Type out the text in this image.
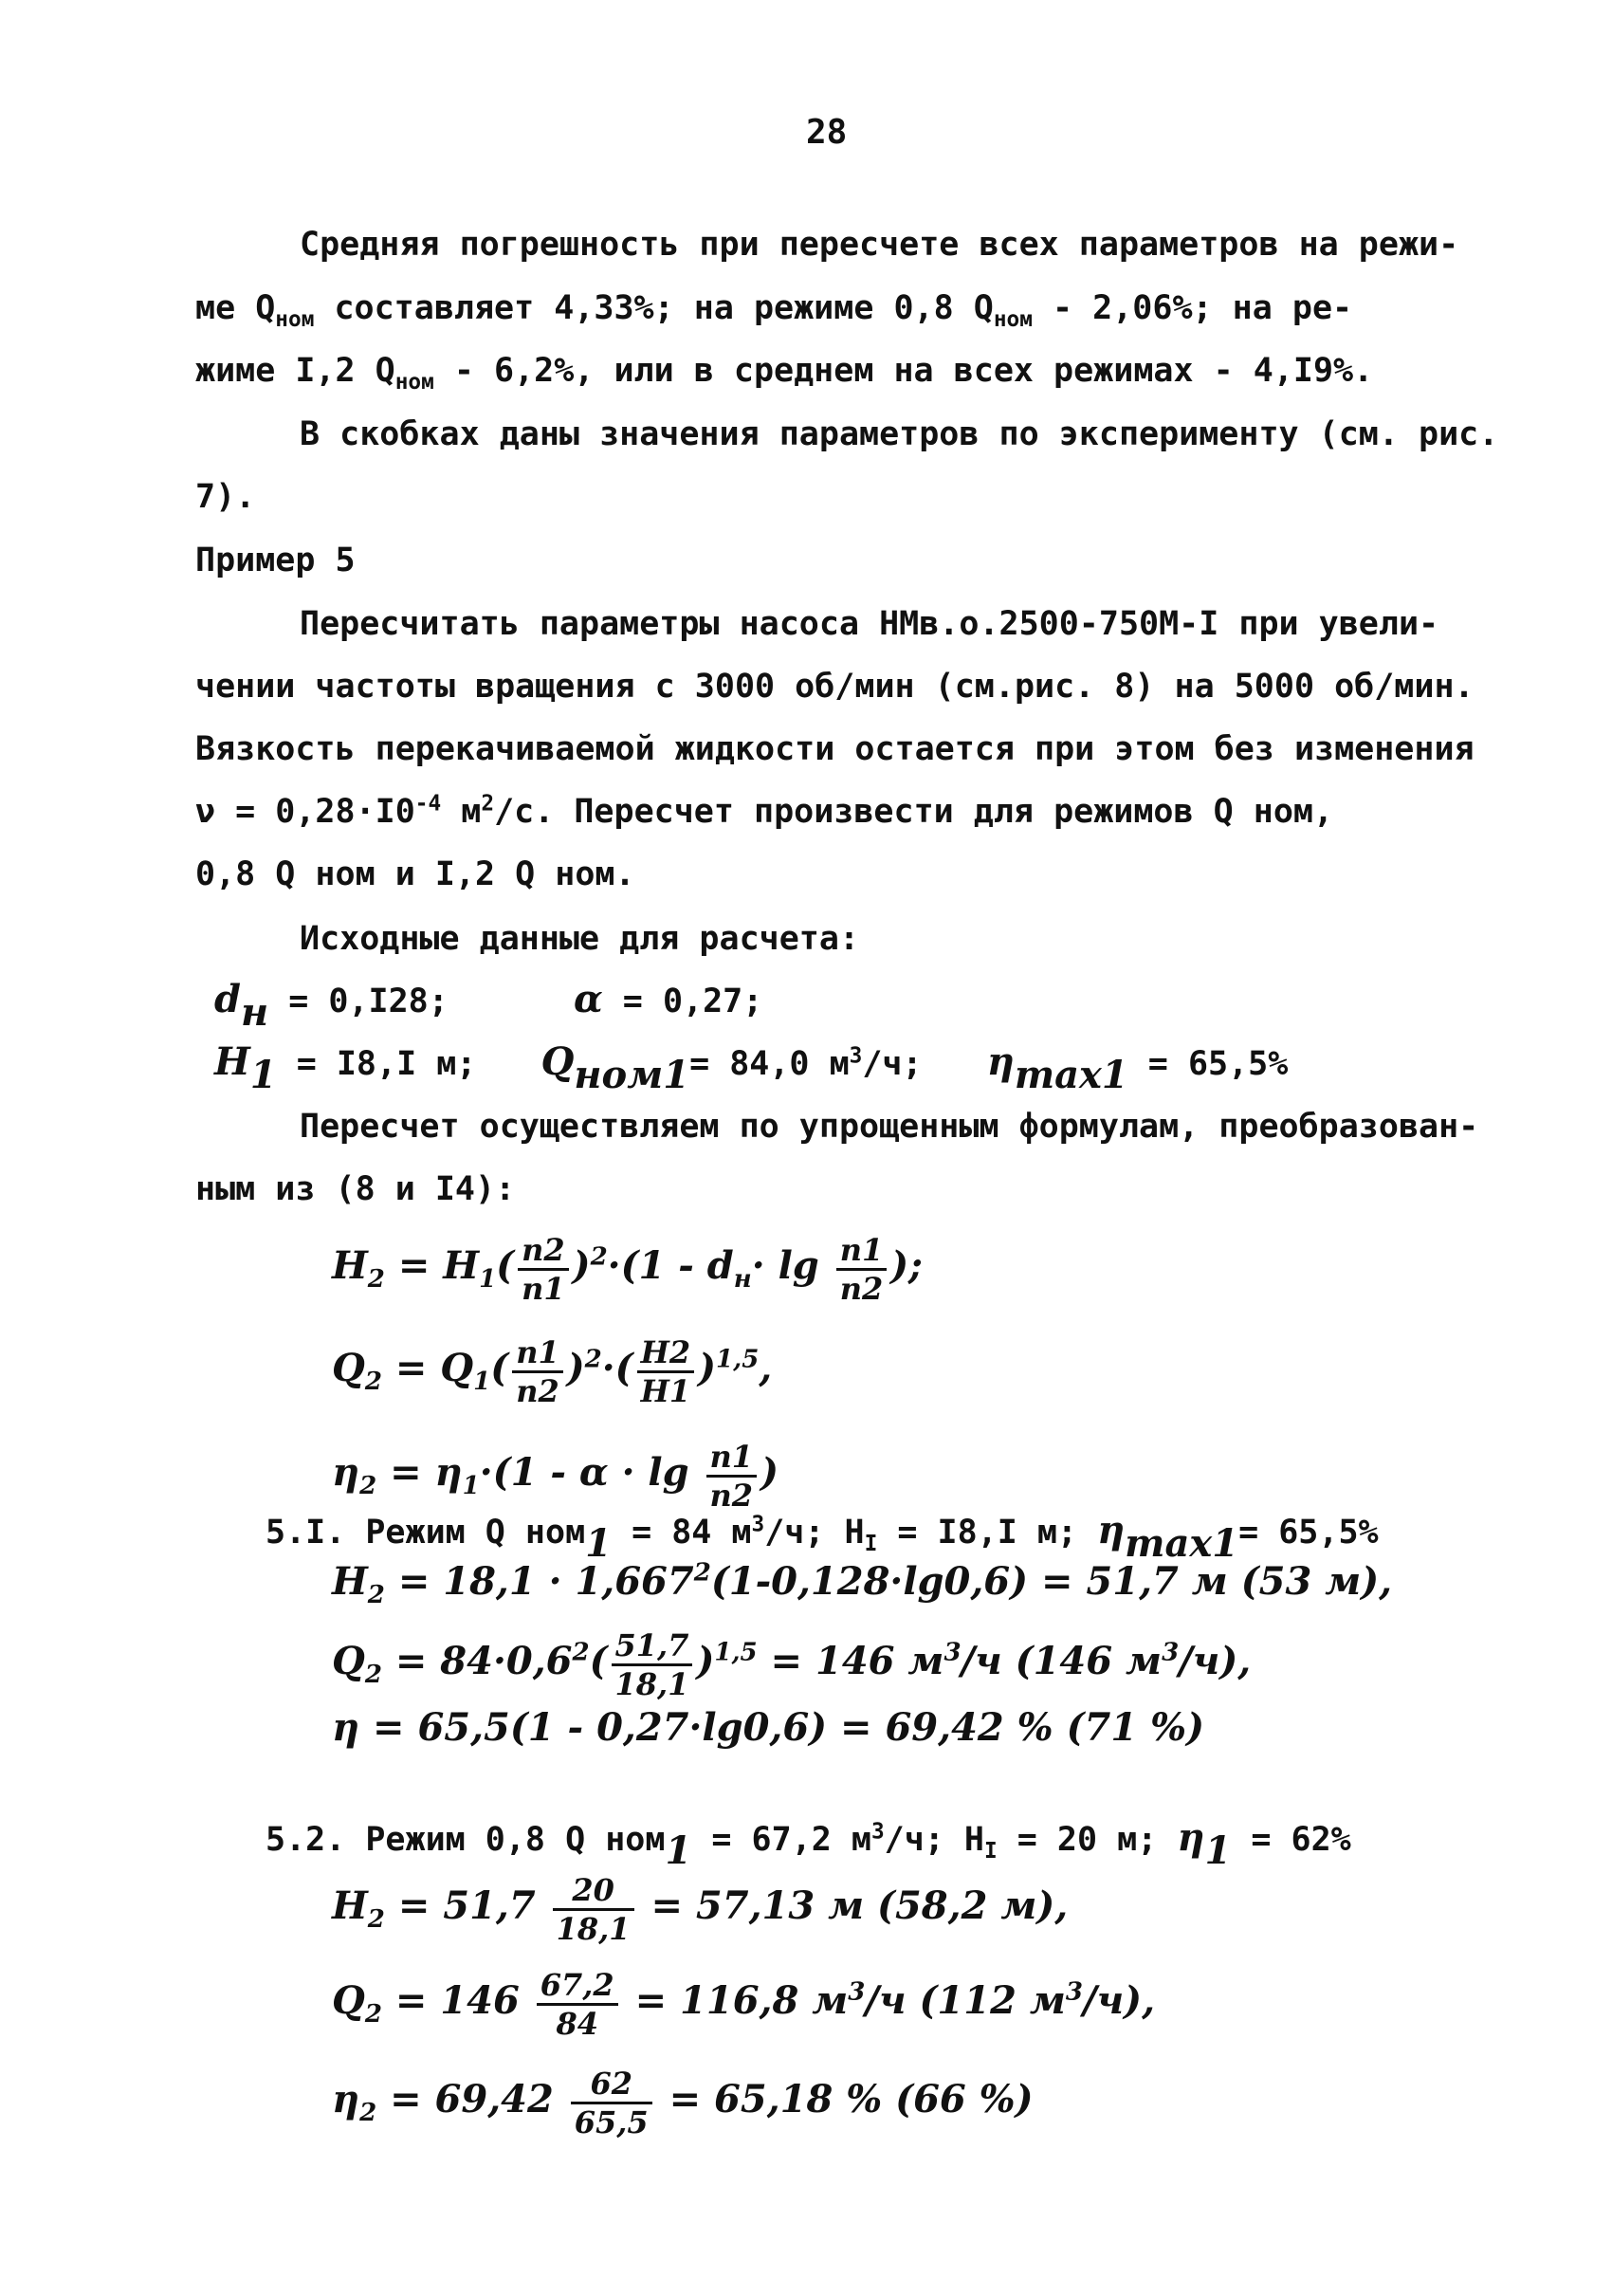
28
Средняя погрешность при пересчете всех параметров на режи-
ме $Q_{ном}$ составляет 4,33%; на режиме 0,8 $Q_{ном} - 2,06\%$; на ре-
жиме I,2 $Q_{ном} - 6,2\%$, или в среднем на всех режимах - 4,I9%.
В скобках даны значения параметров по эксперименту (см. рис.
7).
Пример 5
Пересчитать параметры насоса НМв.о.2500-750М-I при увели-
чении частоты вращения с 3000 об/мин (см.рис. 8) на 5000 об/мин.
Вязкость перекачиваемой жидкости остается при этом без изменения
$\nu = 0,28\cdot I0^{-4}$ $м^2/с$. Пересчет произвести для режимов Q ном,
0,8 Q ном и I,2 Q ном.
Исходные данные для расчета:
$d_н = 0,I28$;	α = 0,27;
$H_1 = I8,I$ м; $Q_{ном1}= 84,0$ $м^3/ч$; $\eta_{max1} = 65,5\%$
Пересчет осуществляем по упрощенным формулам, преобразован-
ным из (8 и I4):
$H_2 = H_1( \frac{n2}{n1} )^2\cdot(1 - d_н\cdot \lg \frac{n1}{n2}$ );
$Q_2 = Q_1( \frac{n1}{n2} )^2\cdot( \frac{H2}{H1} )^{1,5}$,
$\eta_2 = \eta_1\cdot(1 - \alpha \cdot \lg \frac{n1}{n2}$ )
5.I. Режим Q ном$_1$ = 84 $м^3/ч$; $H_I = I8,I$ м; $\eta_{max1}= 65,5\%$
$H_2 = 18,1 \cdot 1,667^2(1-0,128\cdot\lg 0,6) = 51,7$ м (53 м),
$Q_2 = 84\cdot 0,6^2( \frac{51,7}{18,1} )^{1,5} = 146$ $м^3/ч$ (146 $м^3/ч$),
η = 65,5(1 - 0,27·lg0,6) = 69,42 % (71 %)
5.2. Режим 0,8 Q ном$_1$ = 67,2 $м^3/ч$; $H_I = 20$ м; $\eta_1 = 62\%$
$H_2 = 51,7 \frac{20}{18,1} = 57,13$ м (58,2 м),
$Q_2 = 146 \frac{67,2}{84} = 116,8$ $м^3/ч$ (112 $м^3/ч$),
$\eta_2 = 69,42 \frac{62}{65,5} = 65,18$ % (66 %)
